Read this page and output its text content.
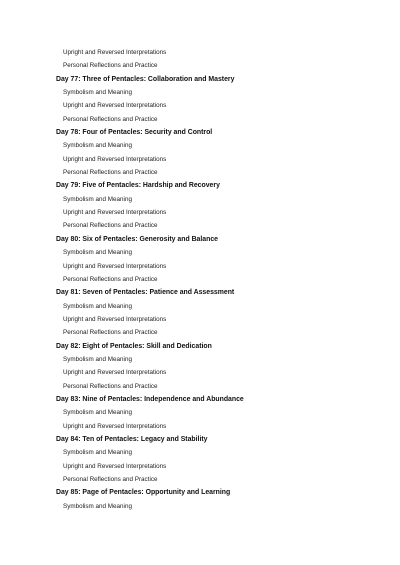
Upright and Reversed Interpretations
Personal Reflections and Practice
Day 77: Three of Pentacles: Collaboration and Mastery
Symbolism and Meaning
Upright and Reversed Interpretations
Personal Reflections and Practice
Day 78: Four of Pentacles: Security and Control
Symbolism and Meaning
Upright and Reversed Interpretations
Personal Reflections and Practice
Day 79: Five of Pentacles: Hardship and Recovery
Symbolism and Meaning
Upright and Reversed Interpretations
Personal Reflections and Practice
Day 80: Six of Pentacles: Generosity and Balance
Symbolism and Meaning
Upright and Reversed Interpretations
Personal Reflections and Practice
Day 81: Seven of Pentacles: Patience and Assessment
Symbolism and Meaning
Upright and Reversed Interpretations
Personal Reflections and Practice
Day 82: Eight of Pentacles: Skill and Dedication
Symbolism and Meaning
Upright and Reversed Interpretations
Personal Reflections and Practice
Day 83: Nine of Pentacles: Independence and Abundance
Symbolism and Meaning
Upright and Reversed Interpretations
Day 84: Ten of Pentacles: Legacy and Stability
Symbolism and Meaning
Upright and Reversed Interpretations
Personal Reflections and Practice
Day 85: Page of Pentacles: Opportunity and Learning
Symbolism and Meaning
